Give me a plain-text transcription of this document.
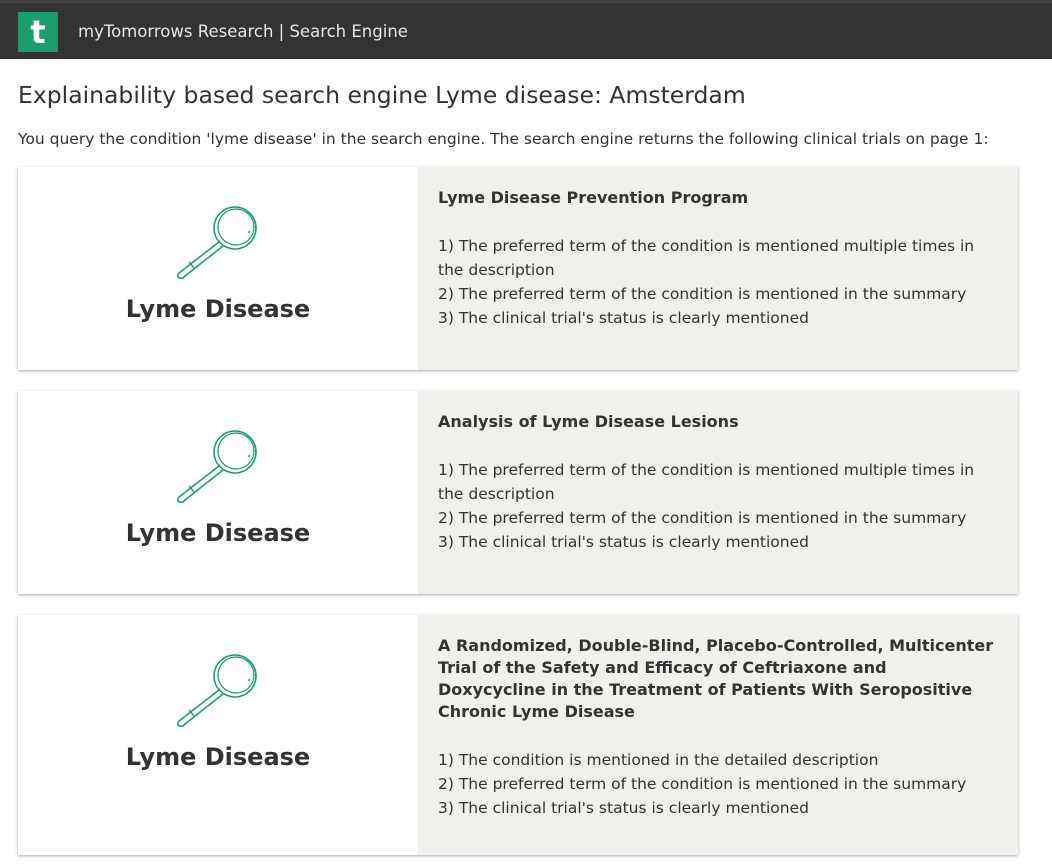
t	myTomorrows Research | Search Engine
Explainability based search engine Lyme disease: Amsterdam

You query the condition 'lyme disease' in the search engine. The search engine returns the following clinical trials on page 1:

Lyme Disease
Lyme Disease Prevention Program
1) The preferred term of the condition is mentioned multiple times in the description
2) The preferred term of the condition is mentioned in the summary
3) The clinical trial's status is clearly mentioned
Lyme Disease
Analysis of Lyme Disease Lesions
1) The preferred term of the condition is mentioned multiple times in the description
2) The preferred term of the condition is mentioned in the summary
3) The clinical trial's status is clearly mentioned
Lyme Disease
A Randomized, Double-Blind, Placebo-Controlled, Multicenter Trial of the Safety and Efficacy of Ceftriaxone and Doxycycline in the Treatment of Patients With Seropositive Chronic Lyme Disease
1) The condition is mentioned in the detailed description
2) The preferred term of the condition is mentioned in the summary
3) The clinical trial's status is clearly mentioned
